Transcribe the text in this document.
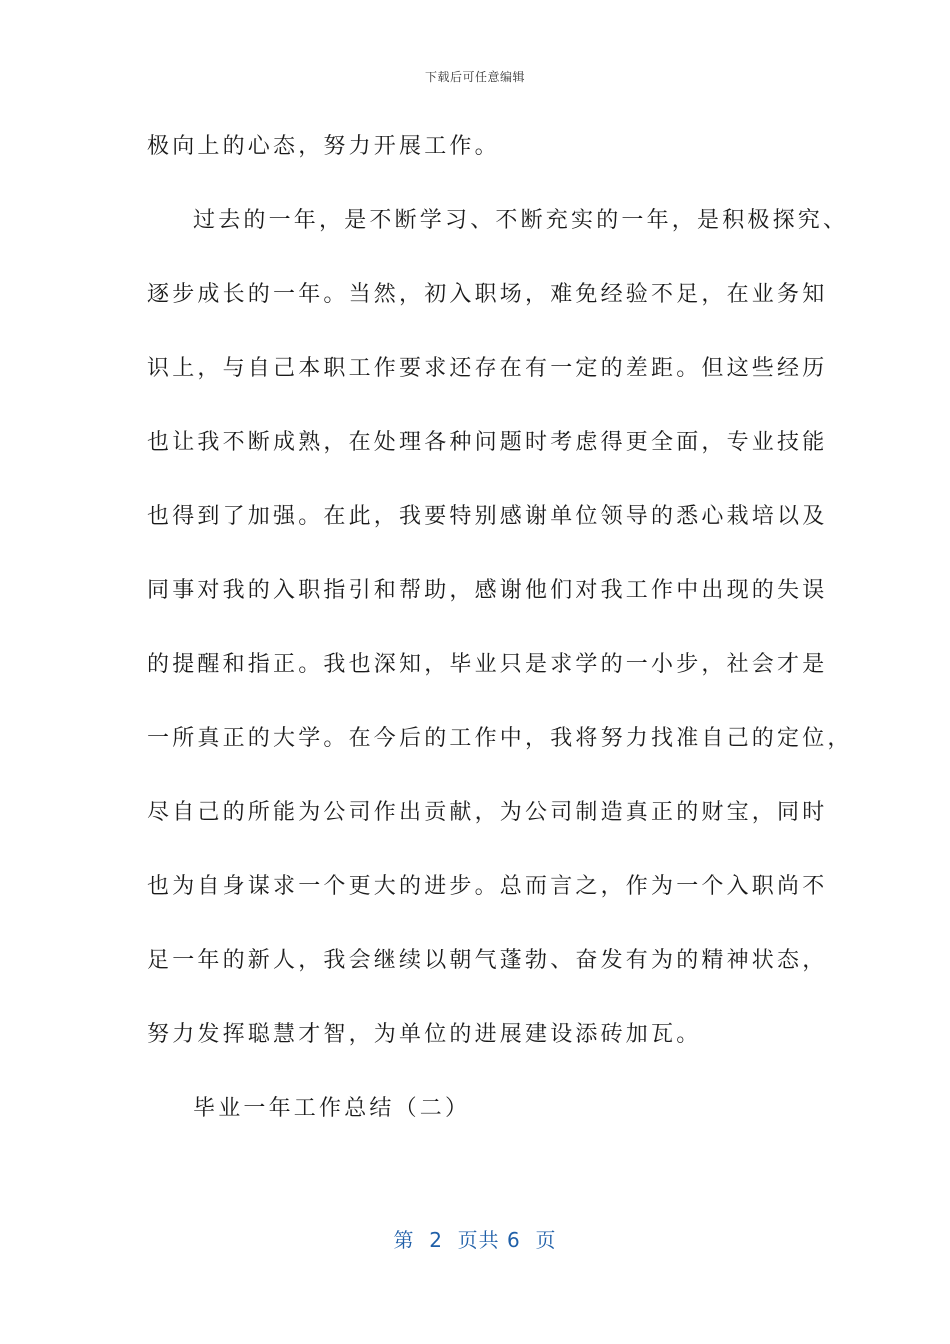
下载后可任意编辑
极向上的心态，努力开展工作。
过去的一年，是不断学习、不断充实的一年，是积极探究、
逐步成长的一年。当然，初入职场，难免经验不足，在业务知
识上，与自己本职工作要求还存在有一定的差距。但这些经历
也让我不断成熟，在处理各种问题时考虑得更全面，专业技能
也得到了加强。在此，我要特别感谢单位领导的悉心栽培以及
同事对我的入职指引和帮助，感谢他们对我工作中出现的失误
的提醒和指正。我也深知，毕业只是求学的一小步，社会才是
一所真正的大学。在今后的工作中，我将努力找准自己的定位，
尽自己的所能为公司作出贡献，为公司制造真正的财宝，同时
也为自身谋求一个更大的进步。总而言之，作为一个入职尚不
足一年的新人，我会继续以朝气蓬勃、奋发有为的精神状态，
努力发挥聪慧才智，为单位的进展建设添砖加瓦。
毕业一年工作总结（二）
第  2  页共 6  页
